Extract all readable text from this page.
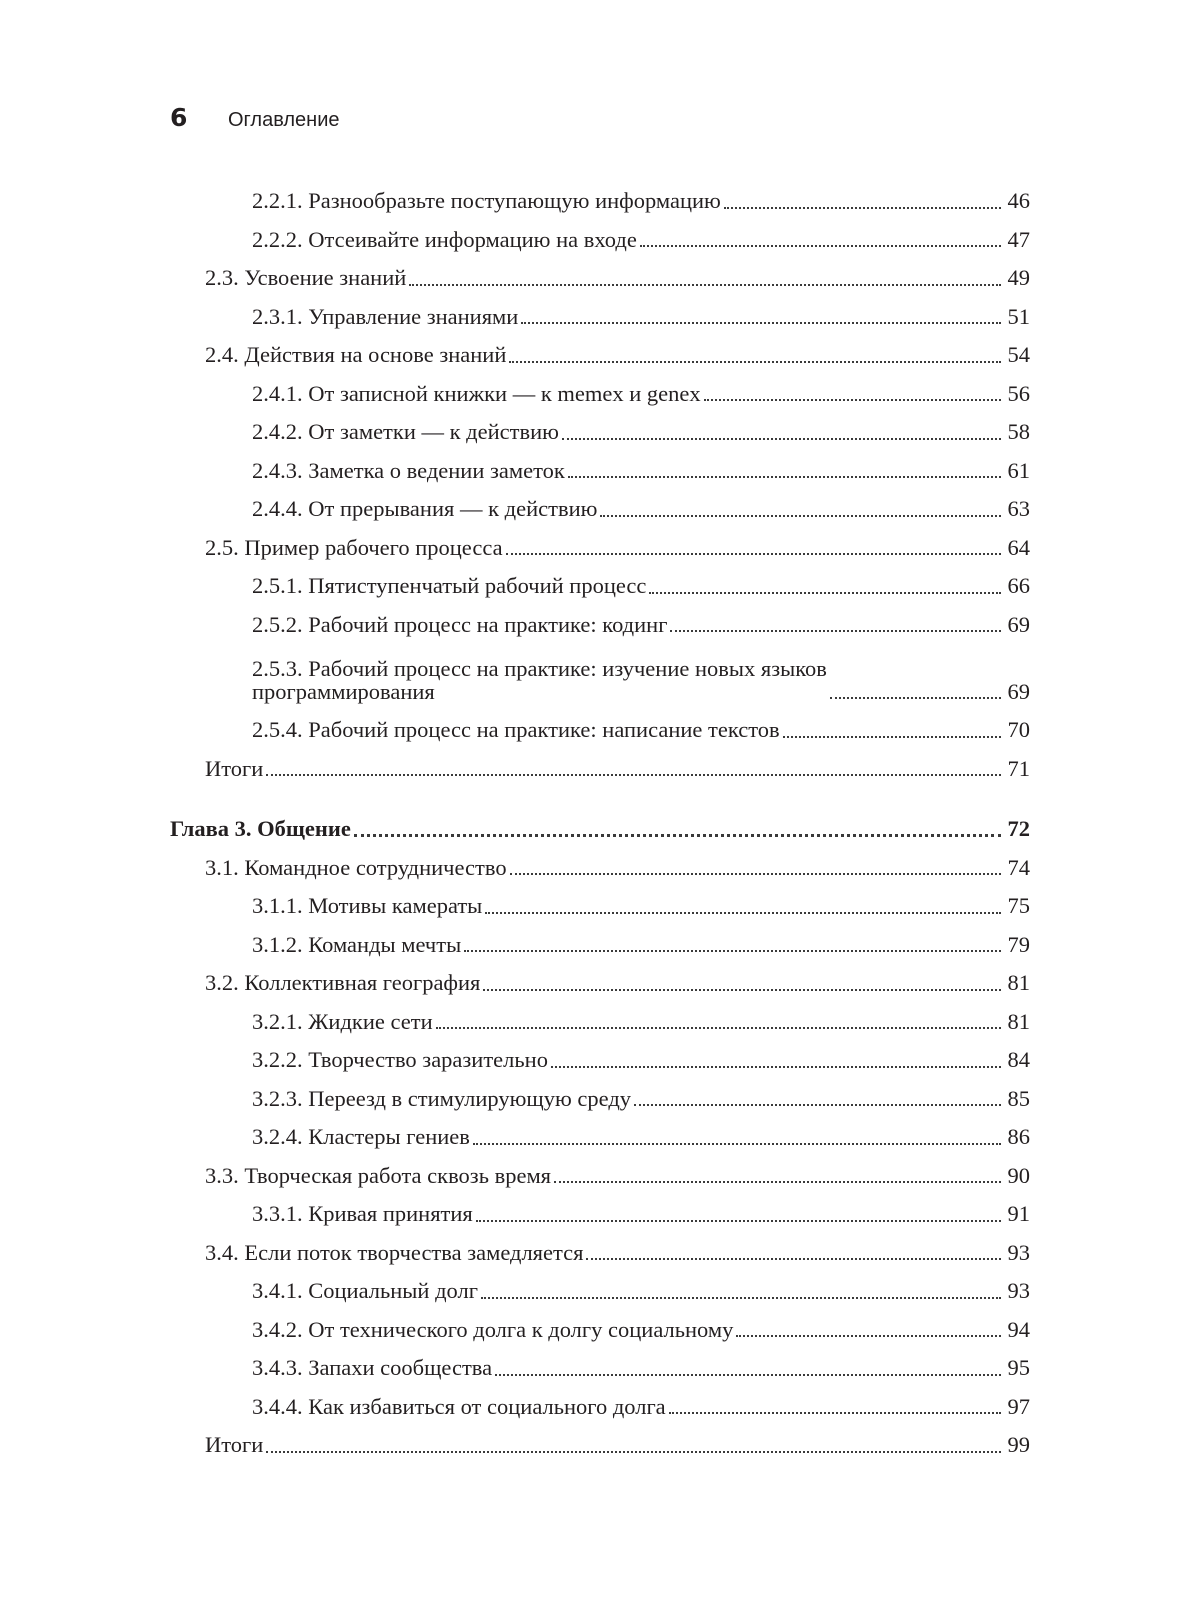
6	Оглавление
2.2.1. Разнообразьте поступающую информацию	46
2.2.2. Отсеивайте информацию на входе	47
2.3. Усвоение знаний	49
2.3.1. Управление знаниями	51
2.4. Действия на основе знаний	54
2.4.1. От записной книжки — к memex и genex	56
2.4.2. От заметки — к действию	58
2.4.3. Заметка о ведении заметок	61
2.4.4. От прерывания — к действию	63
2.5. Пример рабочего процесса	64
2.5.1. Пятиступенчатый рабочий процесс	66
2.5.2. Рабочий процесс на практике: кодинг	69
2.5.3. Рабочий процесс на практике: изучение новых языков
программирования	69
2.5.4. Рабочий процесс на практике: написание текстов	70
Итоги	71
Глава 3. Общение	72
3.1. Командное сотрудничество	74
3.1.1. Мотивы камераты	75
3.1.2. Команды мечты	79
3.2. Коллективная география	81
3.2.1. Жидкие сети	81
3.2.2. Творчество заразительно	84
3.2.3. Переезд в стимулирующую среду	85
3.2.4. Кластеры гениев	86
3.3. Творческая работа сквозь время	90
3.3.1. Кривая принятия	91
3.4. Если поток творчества замедляется	93
3.4.1. Социальный долг	93
3.4.2. От технического долга к долгу социальному	94
3.4.3. Запахи сообщества	95
3.4.4. Как избавиться от социального долга	97
Итоги	99
